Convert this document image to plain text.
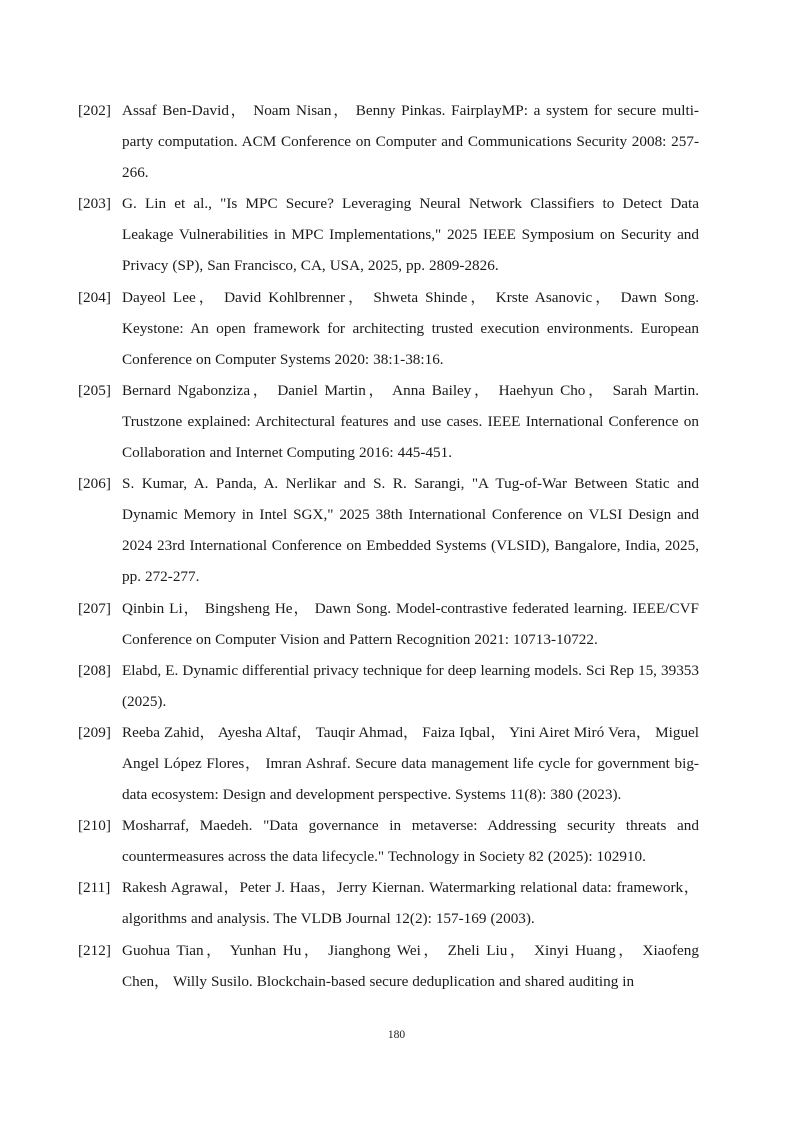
[202] Assaf Ben-David， Noam Nisan， Benny Pinkas. FairplayMP: a system for secure multi-party computation. ACM Conference on Computer and Communications Security 2008: 257-266.
[203] G. Lin et al., "Is MPC Secure? Leveraging Neural Network Classifiers to Detect Data Leakage Vulnerabilities in MPC Implementations," 2025 IEEE Symposium on Security and Privacy (SP), San Francisco, CA, USA, 2025, pp. 2809-2826.
[204] Dayeol Lee， David Kohlbrenner， Shweta Shinde， Krste Asanovic， Dawn Song. Keystone: An open framework for architecting trusted execution environments. European Conference on Computer Systems 2020: 38:1-38:16.
[205] Bernard Ngabonziza， Daniel Martin， Anna Bailey， Haehyun Cho， Sarah Martin. Trustzone explained: Architectural features and use cases. IEEE International Conference on Collaboration and Internet Computing 2016: 445-451.
[206] S. Kumar, A. Panda, A. Nerlikar and S. R. Sarangi, "A Tug-of-War Between Static and Dynamic Memory in Intel SGX," 2025 38th International Conference on VLSI Design and 2024 23rd International Conference on Embedded Systems (VLSID), Bangalore, India, 2025, pp. 272-277.
[207] Qinbin Li， Bingsheng He， Dawn Song. Model-contrastive federated learning. IEEE/CVF Conference on Computer Vision and Pattern Recognition 2021: 10713-10722.
[208] Elabd, E. Dynamic differential privacy technique for deep learning models. Sci Rep 15, 39353 (2025).
[209] Reeba Zahid， Ayesha Altaf， Tauqir Ahmad， Faiza Iqbal， Yini Airet Miró Vera， Miguel Angel López Flores， Imran Ashraf. Secure data management life cycle for government big-data ecosystem: Design and development perspective. Systems 11(8): 380 (2023).
[210] Mosharraf, Maedeh. "Data governance in metaverse: Addressing security threats and countermeasures across the data lifecycle." Technology in Society 82 (2025): 102910.
[211] Rakesh Agrawal，Peter J. Haas，Jerry Kiernan. Watermarking relational data: framework，algorithms and analysis. The VLDB Journal 12(2): 157-169 (2003).
[212] Guohua Tian， Yunhan Hu， Jianghong Wei， Zheli Liu， Xinyi Huang， Xiaofeng Chen， Willy Susilo. Blockchain-based secure deduplication and shared auditing in
180
